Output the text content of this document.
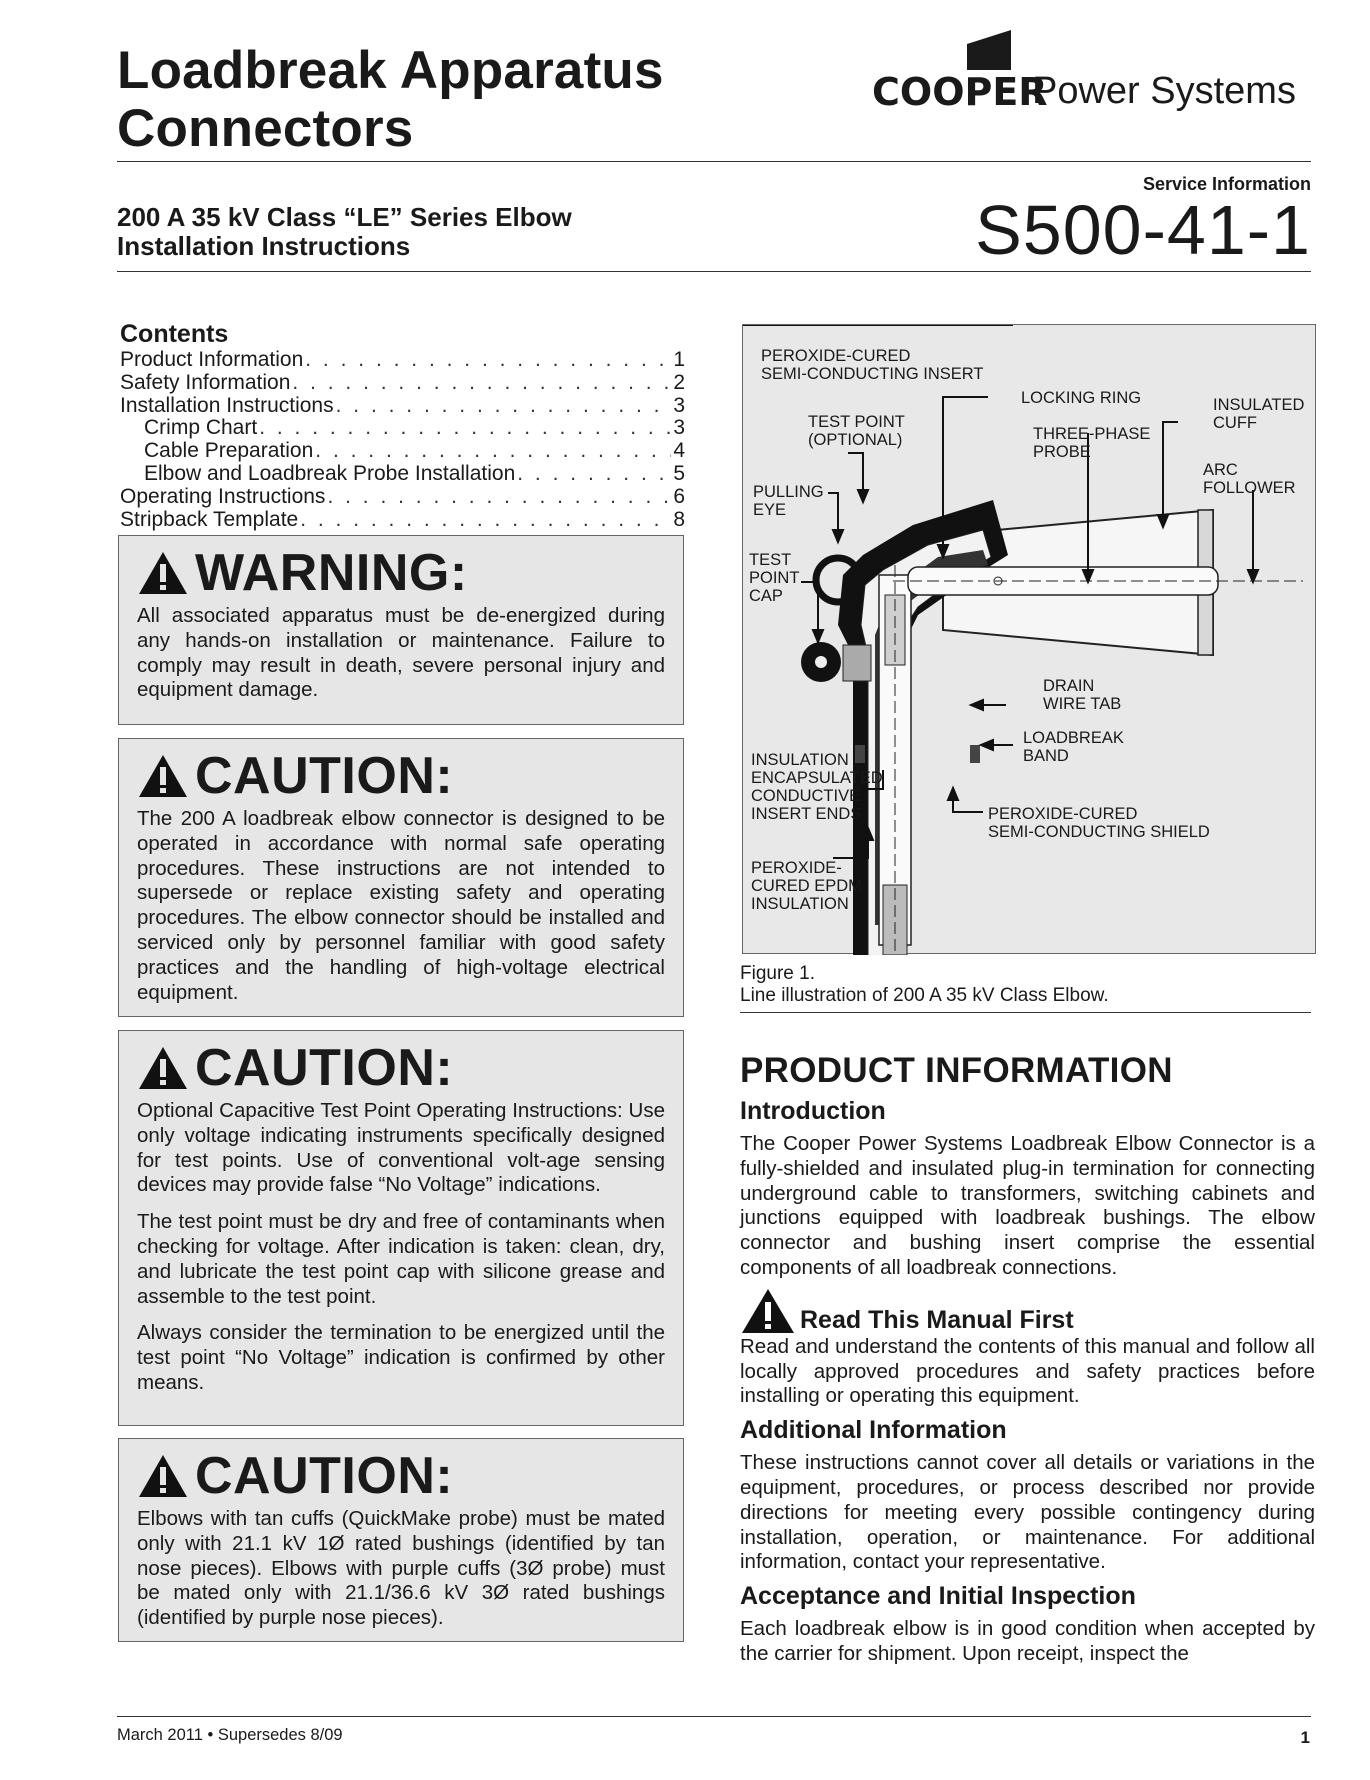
Loadbreak Apparatus
Connectors
COOPER
Power Systems
Service Information
200 A 35 kV Class “LE” Series Elbow
Installation Instructions	S500-41-1
Contents
Product Information . . .	1
Safety Information . . .	2
Installation Instructions . . .	3
Crimp Chart . . .	3
Cable Preparation . . .	4
Elbow and Loadbreak Probe Installation . . .	5
Operating Instructions . . .	6
Stripback Template . . .	8
WARNING:

All associated apparatus must be de-energized during any hands-on installation or maintenance. Failure to comply may result in death, severe personal injury and equipment damage.

CAUTION:

The 200 A loadbreak elbow connector is designed to be operated in accordance with normal safe operating procedures. These instructions are not intended to supersede or replace existing safety and operating procedures. The elbow connector should be installed and serviced only by personnel familiar with good safety practices and the handling of high-voltage electrical equipment.

CAUTION:

Optional Capacitive Test Point Operating Instructions: Use only voltage indicating instruments specifically designed for test points. Use of conventional volt-age sensing devices may provide false “No Voltage” indications.

The test point must be dry and free of contaminants when checking for voltage. After indication is taken: clean, dry, and lubricate the test point cap with silicone grease and assemble to the test point.

Always consider the termination to be energized until the test point “No Voltage” indication is confirmed by other means.

CAUTION:

Elbows with tan cuffs (QuickMake probe) must be mated only with 21.1 kV 1Ø rated bushings (identified by tan nose pieces). Elbows with purple cuffs (3Ø probe) must be mated only with 21.1/36.6 kV 3Ø rated bushings (identified by purple nose pieces).

PEROXIDE-CURED SEMI-CONDUCTING INSERT
LOCKING RING	INSULATED CUFF
TEST POINT (OPTIONAL)	THREE-PHASE PROBE
ARC FOLLOWER
PULLING EYE
TEST POINT CAP
DRAIN WIRE TAB
LOADBREAK BAND
INSULATION ENCAPSULATED CONDUCTIVE INSERT ENDS	PEROXIDE-CURED SEMI-CONDUCTING SHIELD
PEROXIDE-CURED EPDM INSULATION
Figure 1.
Line illustration of 200 A 35 kV Class Elbow.
PRODUCT INFORMATION
Introduction

The Cooper Power Systems Loadbreak Elbow Connector is a fully-shielded and insulated plug-in termination for connecting underground cable to transformers, switching cabinets and junctions equipped with loadbreak bushings. The elbow connector and bushing insert comprise the essential components of all loadbreak connections.

Read This Manual First

Read and understand the contents of this manual and follow all locally approved procedures and safety practices before installing or operating this equipment.

Additional Information

These instructions cannot cover all details or variations in the equipment, procedures, or process described nor provide directions for meeting every possible contingency during installation, operation, or maintenance. For additional information, contact your representative.

Acceptance and Initial Inspection

Each loadbreak elbow is in good condition when accepted by the carrier for shipment. Upon receipt, inspect the

March 2011 • Supersedes 8/09	1
